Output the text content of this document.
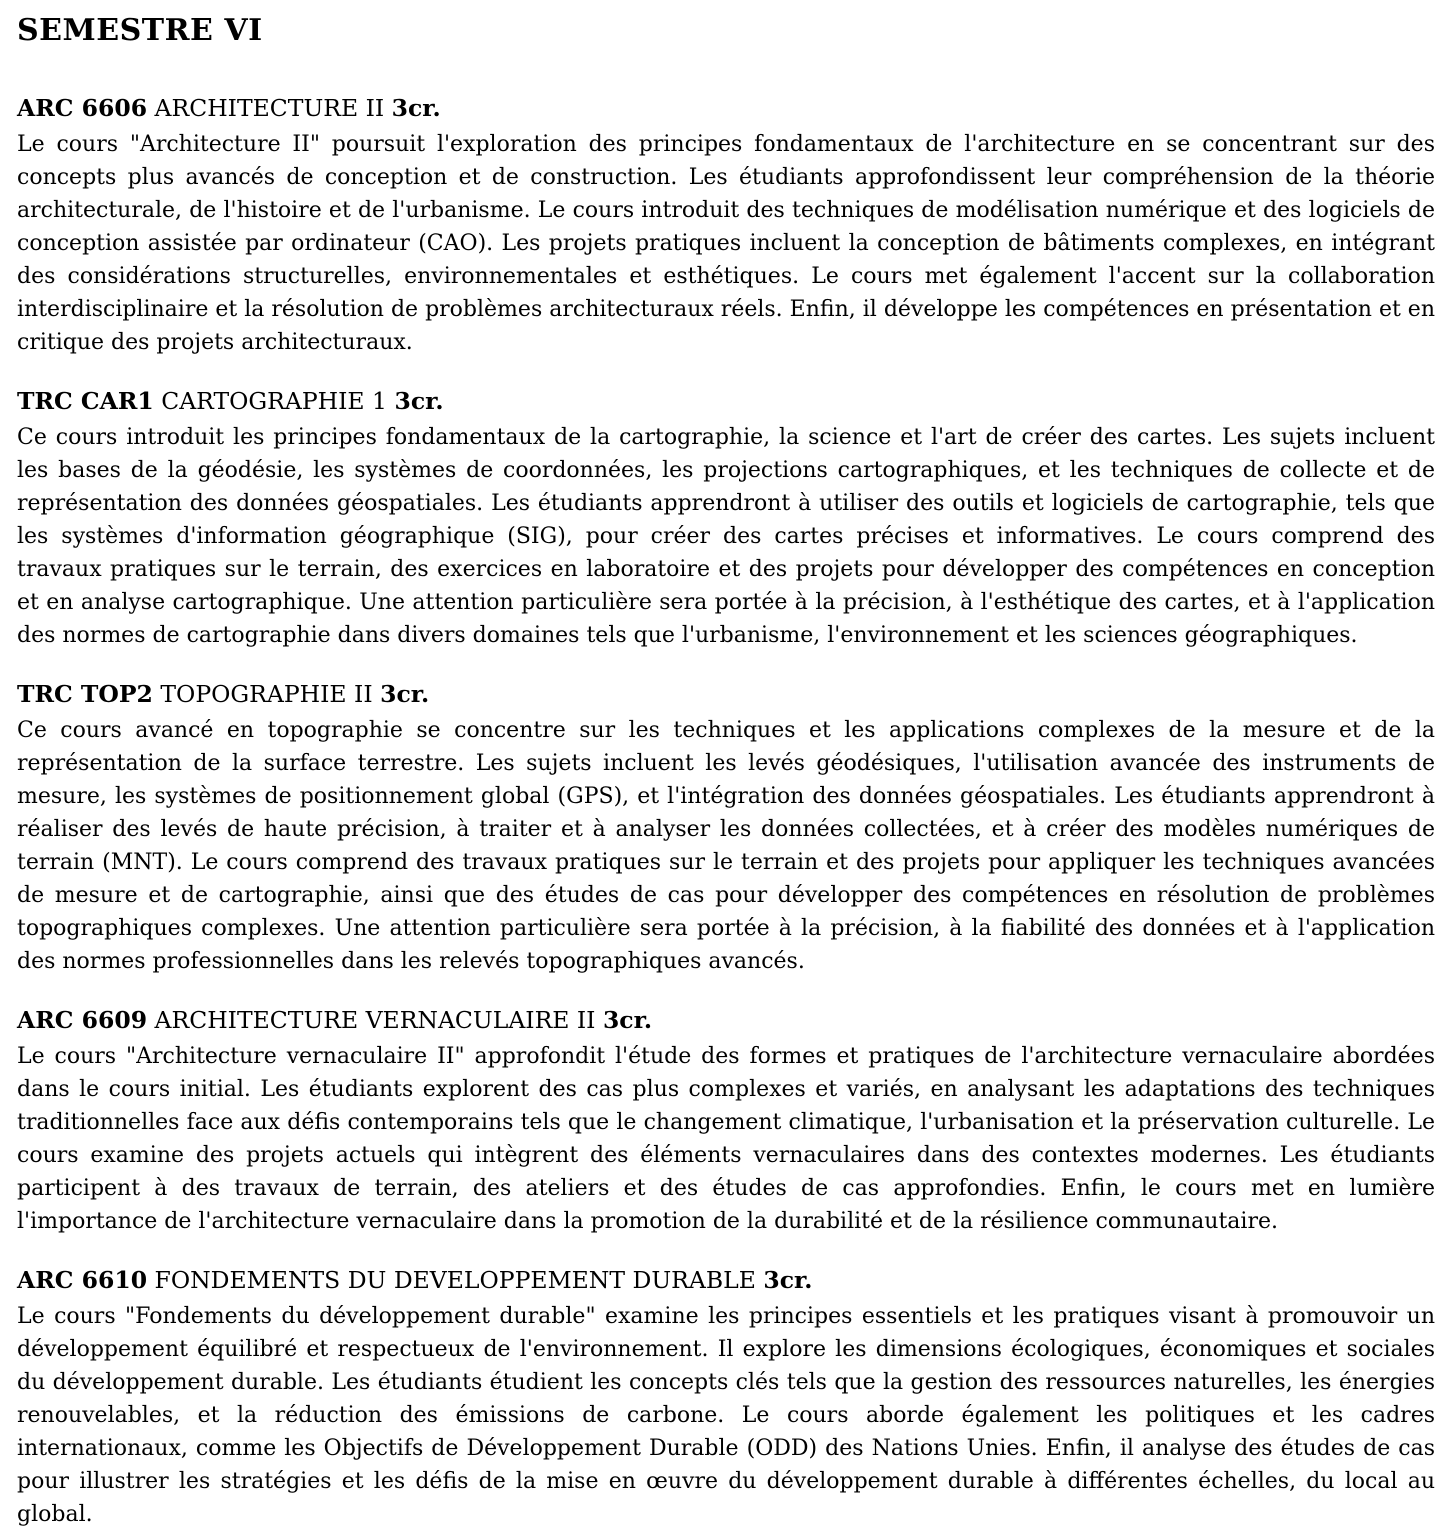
SEMESTRE VI
ARC 6606 ARCHITECTURE II 3cr.

Le cours "Architecture II" poursuit l'exploration des principes fondamentaux de l'architecture en se concentrant sur des concepts plus avancés de conception et de construction. Les étudiants approfondissent leur compréhension de la théorie architecturale, de l'histoire et de l'urbanisme. Le cours introduit des techniques de modélisation numérique et des logiciels de conception assistée par ordinateur (CAO). Les projets pratiques incluent la conception de bâtiments complexes, en intégrant des considérations structurelles, environnementales et esthétiques. Le cours met également l'accent sur la collaboration interdisciplinaire et la résolution de problèmes architecturaux réels. Enfin, il développe les compétences en présentation et en critique des projets architecturaux.

TRC CAR1 CARTOGRAPHIE 1 3cr.

Ce cours introduit les principes fondamentaux de la cartographie, la science et l'art de créer des cartes. Les sujets incluent les bases de la géodésie, les systèmes de coordonnées, les projections cartographiques, et les techniques de collecte et de représentation des données géospatiales. Les étudiants apprendront à utiliser des outils et logiciels de cartographie, tels que les systèmes d'information géographique (SIG), pour créer des cartes précises et informatives. Le cours comprend des travaux pratiques sur le terrain, des exercices en laboratoire et des projets pour développer des compétences en conception et en analyse cartographique. Une attention particulière sera portée à la précision, à l'esthétique des cartes, et à l'application des normes de cartographie dans divers domaines tels que l'urbanisme, l'environnement et les sciences géographiques.

TRC TOP2 TOPOGRAPHIE II 3cr.

Ce cours avancé en topographie se concentre sur les techniques et les applications complexes de la mesure et de la représentation de la surface terrestre. Les sujets incluent les levés géodésiques, l'utilisation avancée des instruments de mesure, les systèmes de positionnement global (GPS), et l'intégration des données géospatiales. Les étudiants apprendront à réaliser des levés de haute précision, à traiter et à analyser les données collectées, et à créer des modèles numériques de terrain (MNT). Le cours comprend des travaux pratiques sur le terrain et des projets pour appliquer les techniques avancées de mesure et de cartographie, ainsi que des études de cas pour développer des compétences en résolution de problèmes topographiques complexes. Une attention particulière sera portée à la précision, à la fiabilité des données et à l'application des normes professionnelles dans les relevés topographiques avancés.

ARC 6609 ARCHITECTURE VERNACULAIRE II 3cr.

Le cours "Architecture vernaculaire II" approfondit l'étude des formes et pratiques de l'architecture vernaculaire abordées dans le cours initial. Les étudiants explorent des cas plus complexes et variés, en analysant les adaptations des techniques traditionnelles face aux défis contemporains tels que le changement climatique, l'urbanisation et la préservation culturelle. Le cours examine des projets actuels qui intègrent des éléments vernaculaires dans des contextes modernes. Les étudiants participent à des travaux de terrain, des ateliers et des études de cas approfondies. Enfin, le cours met en lumière l'importance de l'architecture vernaculaire dans la promotion de la durabilité et de la résilience communautaire.

ARC 6610 FONDEMENTS DU DEVELOPPEMENT DURABLE 3cr.

Le cours "Fondements du développement durable" examine les principes essentiels et les pratiques visant à promouvoir un développement équilibré et respectueux de l'environnement. Il explore les dimensions écologiques, économiques et sociales du développement durable. Les étudiants étudient les concepts clés tels que la gestion des ressources naturelles, les énergies renouvelables, et la réduction des émissions de carbone. Le cours aborde également les politiques et les cadres internationaux, comme les Objectifs de Développement Durable (ODD) des Nations Unies. Enfin, il analyse des études de cas pour illustrer les stratégies et les défis de la mise en œuvre du développement durable à différentes échelles, du local au global.
